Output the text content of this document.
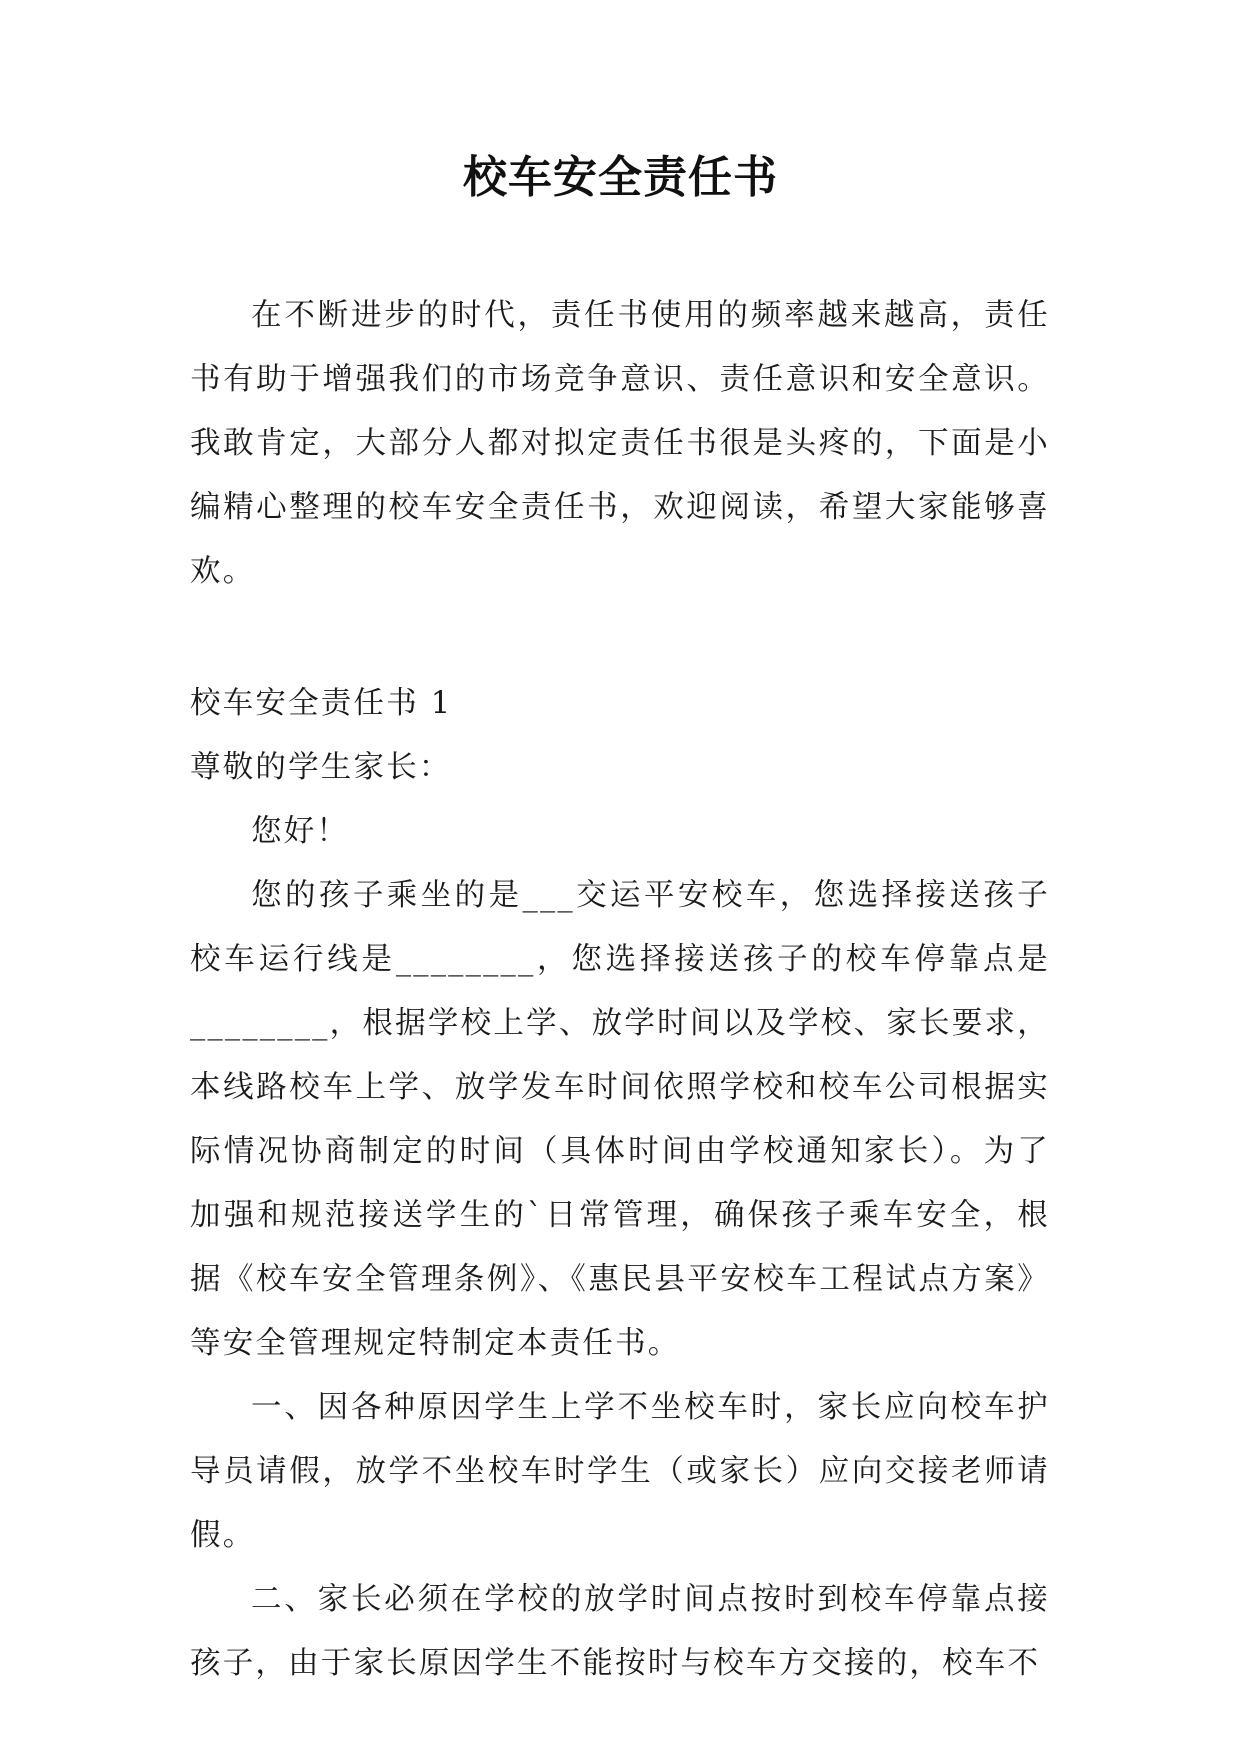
校车安全责任书

在不断进步的时代，责任书使用的频率越来越高，责任书有助于增强我们的市场竞争意识、责任意识和安全意识。我敢肯定，大部分人都对拟定责任书很是头疼的，下面是小编精心整理的校车安全责任书，欢迎阅读，希望大家能够喜欢。

校车安全责任书 1

尊敬的学生家长：

您好！

您的孩子乘坐的是___交运平安校车，您选择接送孩子校车运行线是________，您选择接送孩子的校车停靠点是________，根据学校上学、放学时间以及学校、家长要求，本线路校车上学、放学发车时间依照学校和校车公司根据实际情况协商制定的时间（具体时间由学校通知家长）。为了加强和规范接送学生的`日常管理，确保孩子乘车安全，根据《校车安全管理条例》、《惠民县平安校车工程试点方案》等安全管理规定特制定本责任书。

一、因各种原因学生上学不坐校车时，家长应向校车护导员请假，放学不坐校车时学生（或家长）应向交接老师请假。

二、家长必须在学校的放学时间点按时到校车停靠点接孩子，由于家长原因学生不能按时与校车方交接的，校车不
